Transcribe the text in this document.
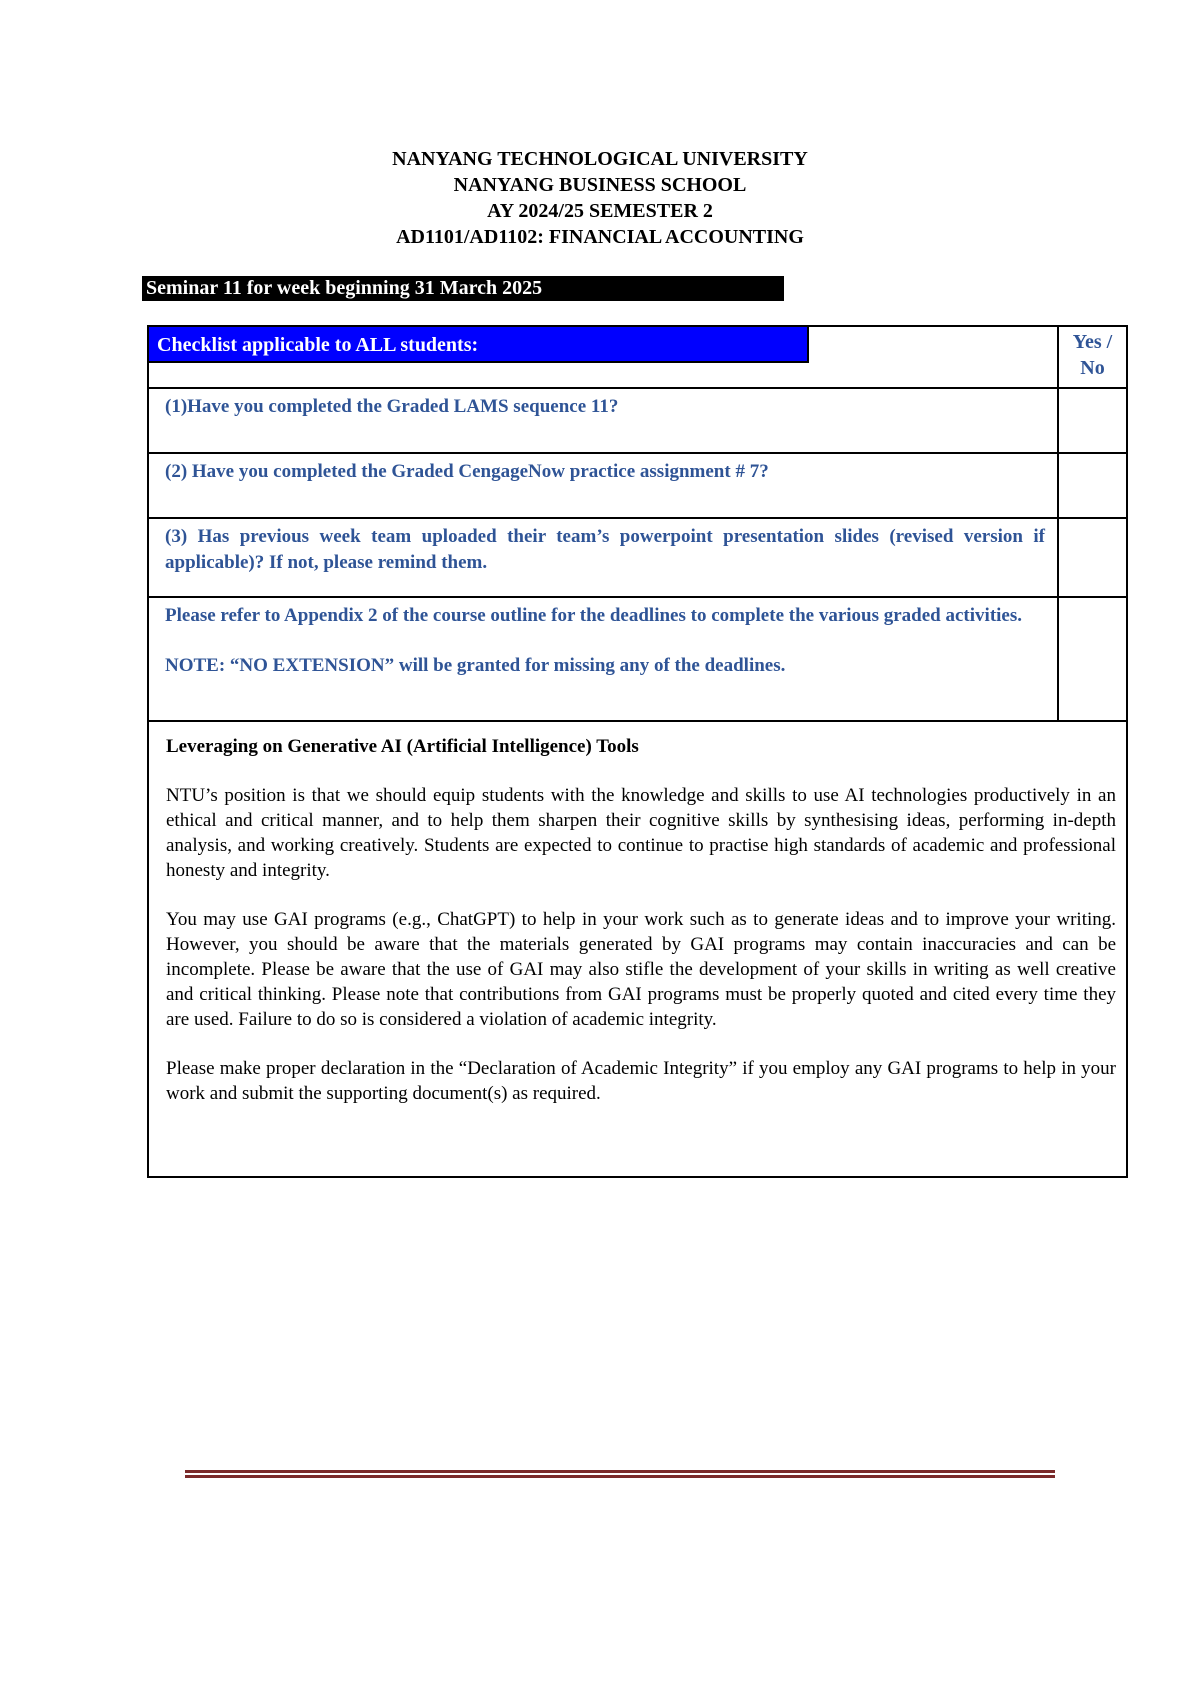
NANYANG TECHNOLOGICAL UNIVERSITY
NANYANG BUSINESS SCHOOL
AY 2024/25 SEMESTER 2
AD1101/AD1102: FINANCIAL ACCOUNTING
Seminar 11 for week beginning 31 March 2025
Checklist applicable to ALL students:	Yes /
No
(1)Have you completed the Graded LAMS sequence 11?
(2) Have you completed the Graded CengageNow practice assignment # 7?
(3) Has previous week team uploaded their team’s powerpoint presentation slides (revised version if applicable)? If not, please remind them.
Please refer to Appendix 2 of the course outline for the deadlines to complete the various graded activities.
NOTE: “NO EXTENSION” will be granted for missing any of the deadlines.

Leveraging on Generative AI (Artificial Intelligence) Tools

NTU’s position is that we should equip students with the knowledge and skills to use AI technologies productively in an ethical and critical manner, and to help them sharpen their cognitive skills by synthesising ideas, performing in-depth analysis, and working creatively. Students are expected to continue to practise high standards of academic and professional honesty and integrity.

You may use GAI programs (e.g., ChatGPT) to help in your work such as to generate ideas and to improve your writing. However, you should be aware that the materials generated by GAI programs may contain inaccuracies and can be incomplete. Please be aware that the use of GAI may also stifle the development of your skills in writing as well creative and critical thinking. Please note that contributions from GAI programs must be properly quoted and cited every time they are used. Failure to do so is considered a violation of academic integrity.

Please make proper declaration in the “Declaration of Academic Integrity” if you employ any GAI programs to help in your work and submit the supporting document(s) as required.
